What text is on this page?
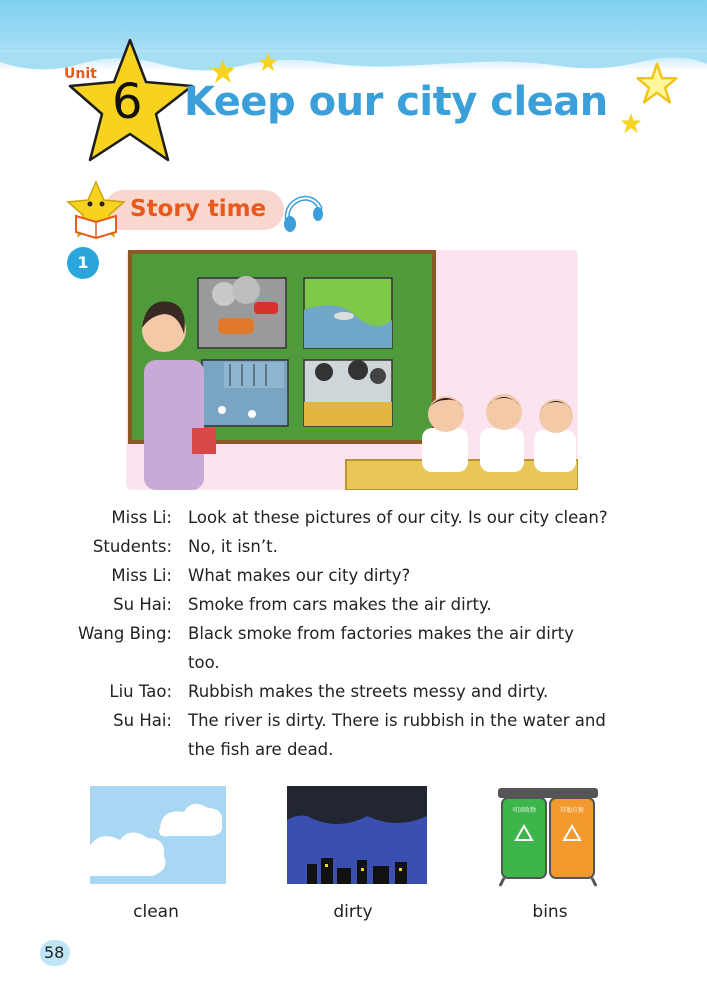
Unit 6 Keep our city clean
Story time
1
Miss Li: Look at these pictures of our city. Is our city clean?
Students: No, it isn’t.
Miss Li: What makes our city dirty?
Su Hai: Smoke from cars makes the air dirty.
Wang Bing: Black smoke from factories makes the air dirty
too.
Liu Tao: Rubbish makes the streets messy and dirty.
Su Hai: The river is dirty. There is rubbish in the water and
the fish are dead.
可回收物	其他垃圾
clean	dirty	bins
58
